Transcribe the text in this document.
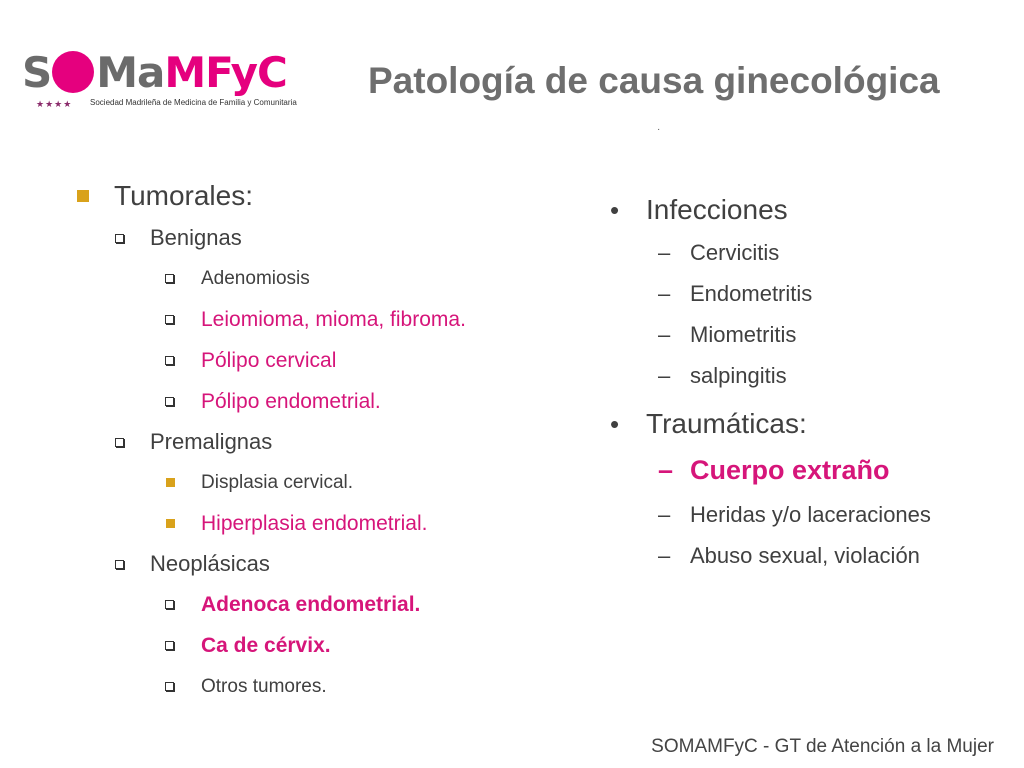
S Ma MFyC
★★★★ Sociedad Madrileña de Medicina de Familia y Comunitaria
Patología de causa ginecológica
·
Tumorales:
Benignas
Adenomiosis
Leiomioma, mioma, fibroma.
Pólipo cervical
Pólipo endometrial.
Premalignas
Displasia cervical.
Hiperplasia endometrial.
Neoplásicas
Adenoca endometrial.
Ca de cérvix.
Otros tumores.
• Infecciones
– Cervicitis
– Endometritis
– Miometritis
– salpingitis
• Traumáticas:
– Cuerpo extraño
– Heridas y/o laceraciones
– Abuso sexual, violación
SOMAMFyC - GT de Atención a la Mujer
